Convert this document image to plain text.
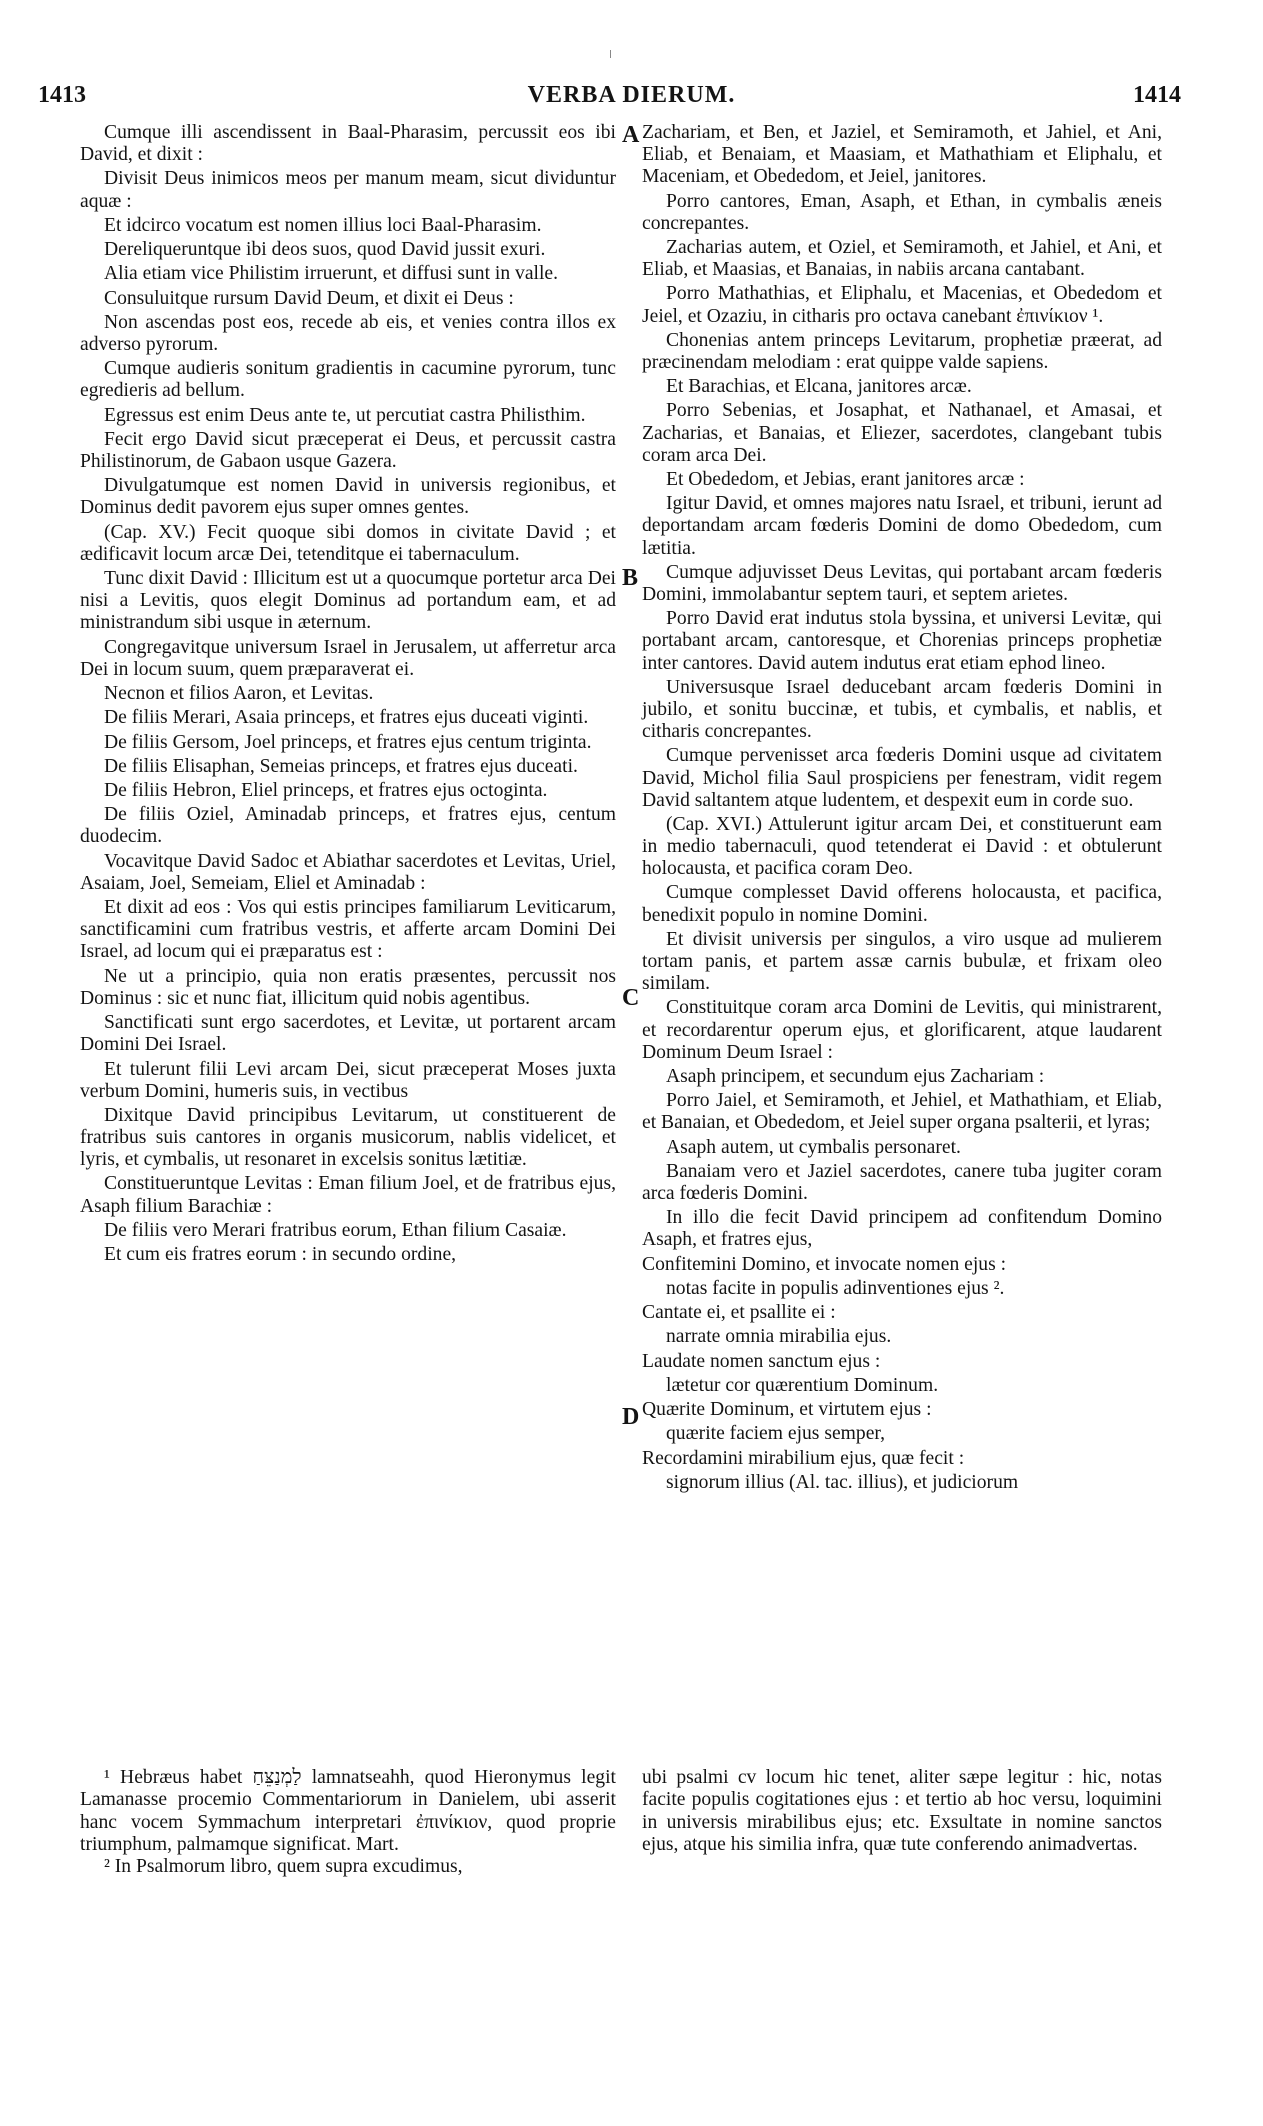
1413	VERBA DIERUM.	1414
A
B
C
D

Cumque illi ascendissent in Baal-Pharasim, percussit eos ibi David, et dixit :

Divisit Deus inimicos meos per manum meam, sicut dividuntur aquæ :

Et idcirco vocatum est nomen illius loci Baal-Pharasim.

Dereliqueruntque ibi deos suos, quod David jussit exuri.

Alia etiam vice Philistim irruerunt, et diffusi sunt in valle.

Consuluitque rursum David Deum, et dixit ei Deus :

Non ascendas post eos, recede ab eis, et venies contra illos ex adverso pyrorum.

Cumque audieris sonitum gradientis in cacumine pyrorum, tunc egredieris ad bellum.

Egressus est enim Deus ante te, ut percutiat castra Philisthim.

Fecit ergo David sicut præceperat ei Deus, et percussit castra Philistinorum, de Gabaon usque Gazera.

Divulgatumque est nomen David in universis regionibus, et Dominus dedit pavorem ejus super omnes gentes.

(Cap. XV.) Fecit quoque sibi domos in civitate David ; et ædificavit locum arcæ Dei, tetenditque ei tabernaculum.

Tunc dixit David : Illicitum est ut a quocumque portetur arca Dei nisi a Levitis, quos elegit Dominus ad portandum eam, et ad ministrandum sibi usque in æternum.

Congregavitque universum Israel in Jerusalem, ut afferretur arca Dei in locum suum, quem præparaverat ei.

Necnon et filios Aaron, et Levitas.

De filiis Merari, Asaia princeps, et fratres ejus duceati viginti.

De filiis Gersom, Joel princeps, et fratres ejus centum triginta.

De filiis Elisaphan, Semeias princeps, et fratres ejus duceati.

De filiis Hebron, Eliel princeps, et fratres ejus octoginta.

De filiis Oziel, Aminadab princeps, et fratres ejus, centum duodecim.

Vocavitque David Sadoc et Abiathar sacerdotes et Levitas, Uriel, Asaiam, Joel, Semeiam, Eliel et Aminadab :

Et dixit ad eos : Vos qui estis principes familiarum Leviticarum, sanctificamini cum fratribus vestris, et afferte arcam Domini Dei Israel, ad locum qui ei præparatus est :

Ne ut a principio, quia non eratis præsentes, percussit nos Dominus : sic et nunc fiat, illicitum quid nobis agentibus.

Sanctificati sunt ergo sacerdotes, et Levitæ, ut portarent arcam Domini Dei Israel.

Et tulerunt filii Levi arcam Dei, sicut præceperat Moses juxta verbum Domini, humeris suis, in vectibus

Dixitque David principibus Levitarum, ut constituerent de fratribus suis cantores in organis musicorum, nablis videlicet, et lyris, et cymbalis, ut resonaret in excelsis sonitus lætitiæ.

Constitueruntque Levitas : Eman filium Joel, et de fratribus ejus, Asaph filium Barachiæ :

De filiis vero Merari fratribus eorum, Ethan filium Casaiæ.

Et cum eis fratres eorum : in secundo ordine,

Zachariam, et Ben, et Jaziel, et Semiramoth, et Jahiel, et Ani, Eliab, et Benaiam, et Maasiam, et Mathathiam et Eliphalu, et Maceniam, et Obededom, et Jeiel, janitores.

Porro cantores, Eman, Asaph, et Ethan, in cymbalis æneis concrepantes.

Zacharias autem, et Oziel, et Semiramoth, et Jahiel, et Ani, et Eliab, et Maasias, et Banaias, in nabiis arcana cantabant.

Porro Mathathias, et Eliphalu, et Macenias, et Obededom et Jeiel, et Ozaziu, in citharis pro octava canebant ἐπινίκιον ¹.

Chonenias antem princeps Levitarum, prophetiæ præerat, ad præcinendam melodiam : erat quippe valde sapiens.

Et Barachias, et Elcana, janitores arcæ.

Porro Sebenias, et Josaphat, et Nathanael, et Amasai, et Zacharias, et Banaias, et Eliezer, sacerdotes, clangebant tubis coram arca Dei.

Et Obededom, et Jebias, erant janitores arcæ :

Igitur David, et omnes majores natu Israel, et tribuni, ierunt ad deportandam arcam fœderis Domini de domo Obededom, cum lætitia.

Cumque adjuvisset Deus Levitas, qui portabant arcam fœderis Domini, immolabantur septem tauri, et septem arietes.

Porro David erat indutus stola byssina, et universi Levitæ, qui portabant arcam, cantoresque, et Chorenias princeps prophetiæ inter cantores. David autem indutus erat etiam ephod lineo.

Universusque Israel deducebant arcam fœderis Domini in jubilo, et sonitu buccinæ, et tubis, et cymbalis, et nablis, et citharis concrepantes.

Cumque pervenisset arca fœderis Domini usque ad civitatem David, Michol filia Saul prospiciens per fenestram, vidit regem David saltantem atque ludentem, et despexit eum in corde suo.

(Cap. XVI.) Attulerunt igitur arcam Dei, et constituerunt eam in medio tabernaculi, quod tetenderat ei David : et obtulerunt holocausta, et pacifica coram Deo.

Cumque complesset David offerens holocausta, et pacifica, benedixit populo in nomine Domini.

Et divisit universis per singulos, a viro usque ad mulierem tortam panis, et partem assæ carnis bubulæ, et frixam oleo similam.

Constituitque coram arca Domini de Levitis, qui ministrarent, et recordarentur operum ejus, et glorificarent, atque laudarent Dominum Deum Israel :

Asaph principem, et secundum ejus Zachariam :

Porro Jaiel, et Semiramoth, et Jehiel, et Mathathiam, et Eliab, et Banaian, et Obededom, et Jeiel super organa psalterii, et lyras;

Asaph autem, ut cymbalis personaret.

Banaiam vero et Jaziel sacerdotes, canere tuba jugiter coram arca fœderis Domini.

In illo die fecit David principem ad confitendum Domino Asaph, et fratres ejus,

Confitemini Domino, et invocate nomen ejus :

notas facite in populis adinventiones ejus ².

Cantate ei, et psallite ei :

narrate omnia mirabilia ejus.

Laudate nomen sanctum ejus :

lætetur cor quærentium Dominum.

Quærite Dominum, et virtutem ejus :

quærite faciem ejus semper,

Recordamini mirabilium ejus, quæ fecit :

signorum illius (Al. tac. illius), et judiciorum

¹ Hebræus habet לַמְנַצֵּחַ lamnatseahh, quod Hieronymus legit Lamanasse procemio Commentariorum in Danielem, ubi asserit hanc vocem Symmachum interpretari ἐπινίκιον, quod proprie triumphum, palmamque significat. Mart.

² In Psalmorum libro, quem supra excudimus,

ubi psalmi cv locum hic tenet, aliter sæpe legitur : hic, notas facite populis cogitationes ejus : et tertio ab hoc versu, loquimini in universis mirabilibus ejus; etc. Exsultate in nomine sanctos ejus, atque his similia infra, quæ tute conferendo animadvertas.
